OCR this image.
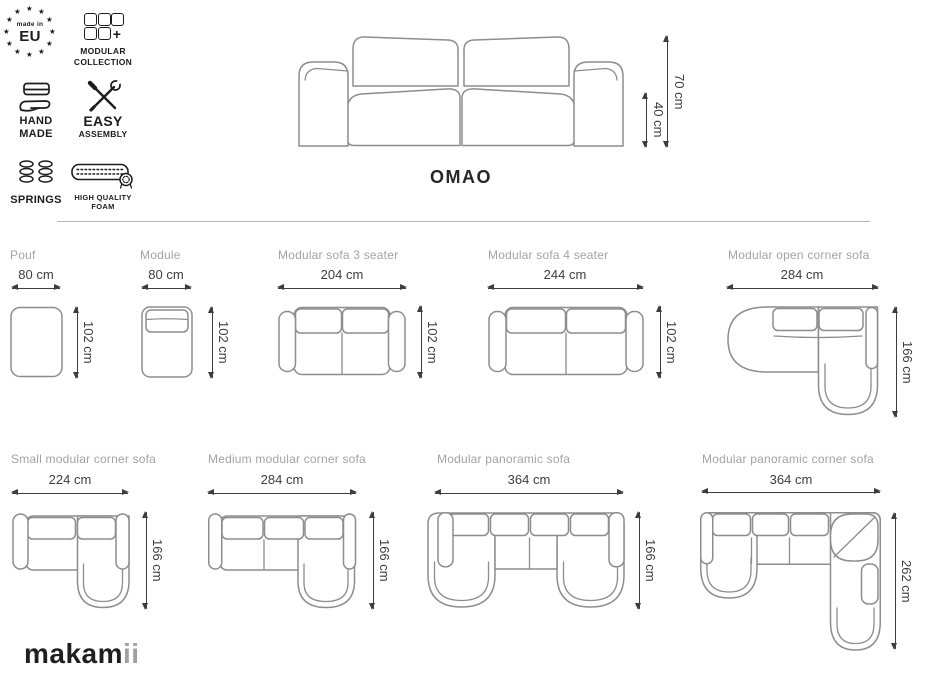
★ ★
★
★
★
★
★
★
★
★
★
★
made in
EU	+
MODULAR
COLLECTION
HAND
MADE
EASY
ASSEMBLY
SPRINGS	HIGH QUALITY
FOAM
40 cm
70 cm
OMAO
Pouf
80 cm
102 cm
Module
80 cm
102 cm
Modular sofa 3 seater
204 cm
102 cm
Modular sofa 4 seater
244 cm
102 cm
Modular open corner sofa
284 cm
166 cm
Small modular corner sofa
224 cm
166 cm
Medium modular corner sofa
284 cm
166 cm
Modular panoramic sofa
364 cm
166 cm
Modular panoramic corner sofa
364 cm
262 cm
makamii
